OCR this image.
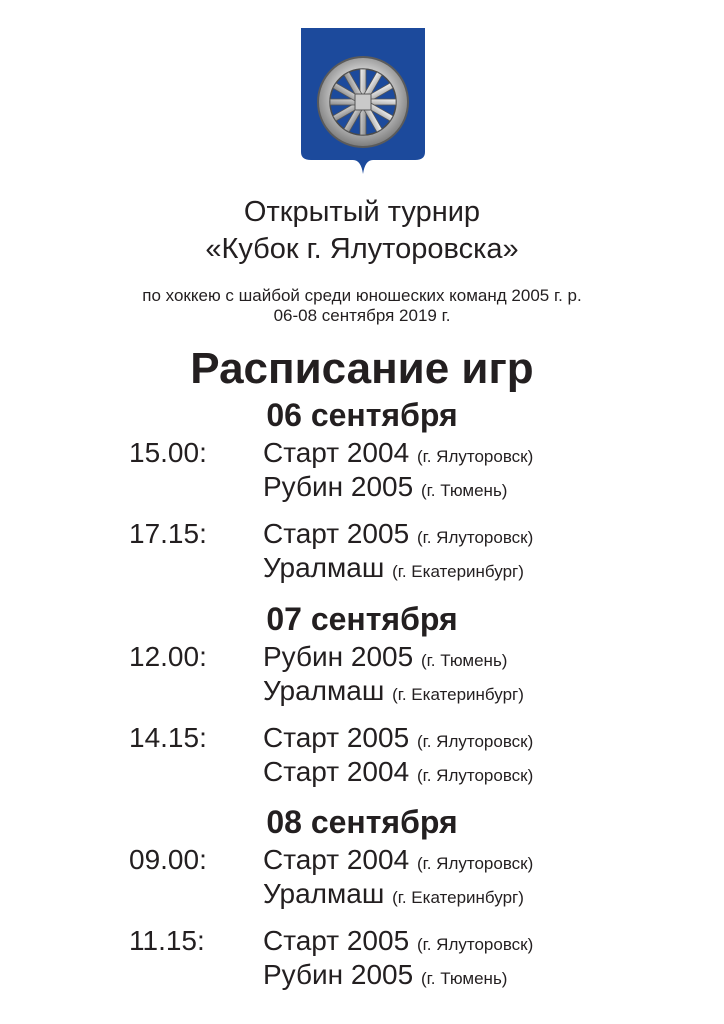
Открытый турнир
«Кубок г. Ялуторовска»
по хоккею с шайбой среди юношеских команд 2005 г. р.
06-08 сентября 2019 г.
Расписание игр
06 сентября
15.00: Старт 2004 (г. Ялуторовск)
Рубин 2005 (г. Тюмень)
17.15: Старт 2005 (г. Ялуторовск)
Уралмаш (г. Екатеринбург)
07 сентября
12.00: Рубин 2005 (г. Тюмень)
Уралмаш (г. Екатеринбург)
14.15: Старт 2005 (г. Ялуторовск)
Старт 2004 (г. Ялуторовск)
08 сентября
09.00: Старт 2004 (г. Ялуторовск)
Уралмаш (г. Екатеринбург)
11.15: Старт 2005 (г. Ялуторовск)
Рубин 2005 (г. Тюмень)
